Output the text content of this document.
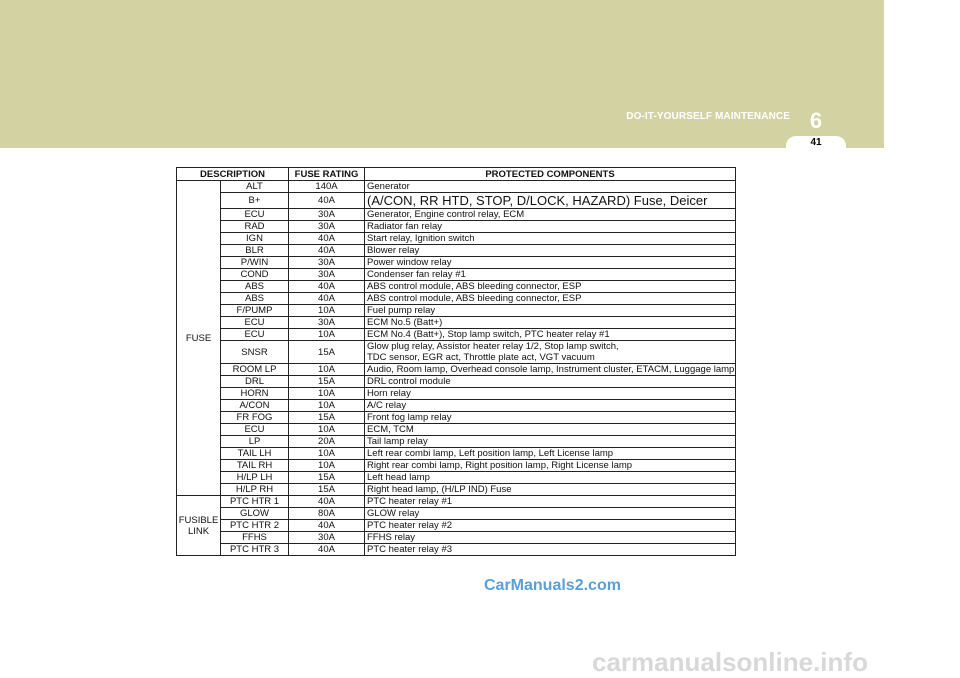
DO-IT-YOURSELF MAINTENANCE 6
41
DESCRIPTION		FUSE RATING	PROTECTED COMPONENTS
FUSE	ALT	140A	Generator

	B+	40A	(A/CON, RR HTD, STOP, D/LOCK, HAZARD) Fuse, Deicer

	ECU	30A	Generator, Engine control relay, ECM

	RAD	30A	Radiator fan relay

	IGN	40A	Start relay, Ignition switch

	BLR	40A	Blower relay

	P/WIN	30A	Power window relay

	COND	30A	Condenser fan relay #1

	ABS	40A	ABS control module, ABS bleeding connector, ESP

	ABS	40A	ABS control module, ABS bleeding connector, ESP

	F/PUMP	10A	Fuel pump relay

	ECU	30A	ECM No.5 (Batt+)

	ECU	10A	ECM No.4 (Batt+), Stop lamp switch, PTC heater relay #1

	SNSR	15A	Glow plug relay, Assistor heater relay 1/2, Stop lamp switch,
TDC sensor, EGR act, Throttle plate act, VGT vacuum

	ROOM LP	10A	Audio, Room lamp, Overhead console lamp, Instrument cluster, ETACM, Luggage lamp

	DRL	15A	DRL control module

	HORN	10A	Horn relay

	A/CON	10A	A/C relay

	FR FOG	15A	Front fog lamp relay

	ECU	10A	ECM, TCM

	LP	20A	Tail lamp relay

	TAIL LH	10A	Left rear combi lamp, Left position lamp, Left License lamp

	TAIL RH	10A	Right rear combi lamp, Right position lamp, Right License lamp

	H/LP LH	15A	Left head lamp

	H/LP RH	15A	Right head lamp, (H/LP IND) Fuse

FUSIBLE LINK	PTC HTR 1	40A	PTC heater relay #1

	GLOW	80A	GLOW relay

	PTC HTR 2	40A	PTC heater relay #2

	FFHS	30A	FFHS relay

	PTC HTR 3	40A	PTC heater relay #3
CarManuals2.com
carmanualsonline.info
